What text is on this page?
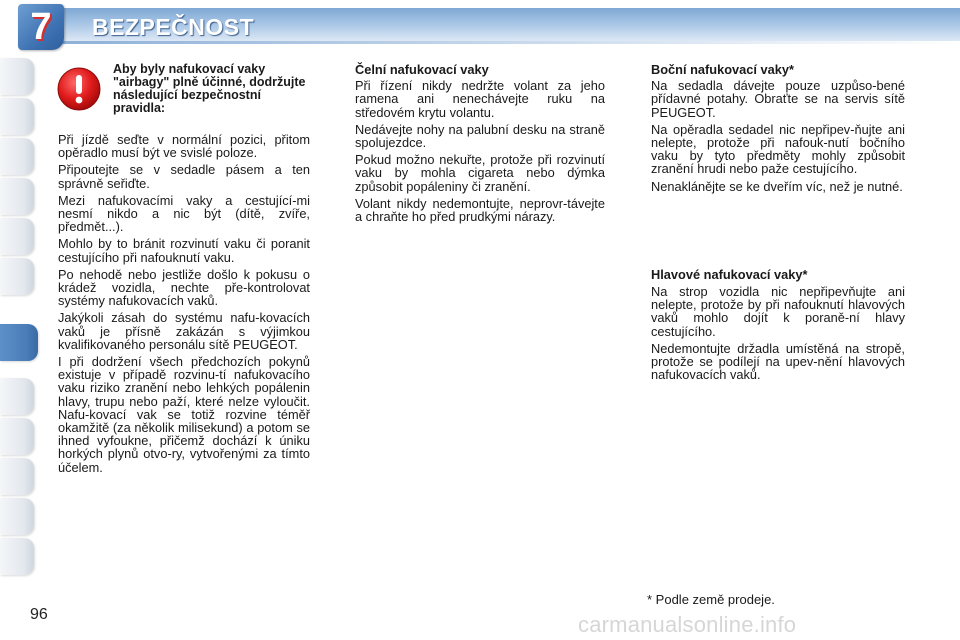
7	BEZPEČNOST
Aby byly nafukovací vaky "airbagy" plně účinné, dodržujte následující bezpečnostní pravidla:

Při jízdě seďte v normální pozici, přitom opěradlo musí být ve svislé poloze.

Připoutejte se v sedadle pásem a ten správně seřiďte.

Mezi nafukovacími vaky a cestující-mi nesmí nikdo a nic být (dítě, zvíře, předmět...).

Mohlo by to bránit rozvinutí vaku či poranit cestujícího při nafouknutí vaku.

Po nehodě nebo jestliže došlo k pokusu o krádež vozidla, nechte pře-kontrolovat systémy nafukovacích vaků.

Jakýkoli zásah do systému nafu-kovacích vaků je přísně zakázán s výjimkou kvalifikovaného personálu sítě PEUGEOT.

I při dodržení všech předchozích pokynů existuje v případě rozvinu-tí nafukovacího vaku riziko zranění nebo lehkých popálenin hlavy, trupu nebo paží, které nelze vyloučit. Nafu-kovací vak se totiž rozvine téměř okamžitě (za několik milisekund) a potom se ihned vyfoukne, přičemž dochází k úniku horkých plynů otvo-ry, vytvořenými za tímto účelem.

Čelní nafukovací vaky

Při řízení nikdy nedržte volant za jeho ramena ani nenechávejte ruku na středovém krytu volantu.

Nedávejte nohy na palubní desku na straně spolujezdce.

Pokud možno nekuřte, protože při rozvinutí vaku by mohla cigareta nebo dýmka způsobit popáleniny či zranění.

Volant nikdy nedemontujte, neprovr-távejte a chraňte ho před prudkými nárazy.

Boční nafukovací vaky*

Na sedadla dávejte pouze uzpůso-bené přídavné potahy. Obraťte se na servis sítě PEUGEOT.

Na opěradla sedadel nic nepřipev-ňujte ani nelepte, protože při nafouk-nutí bočního vaku by tyto předměty mohly způsobit zranění hrudi nebo paže cestujícího.

Nenaklánějte se ke dveřím víc, než je nutné.

Hlavové nafukovací vaky*

Na strop vozidla nic nepřipevňujte ani nelepte, protože by při nafouknutí hlavových vaků mohlo dojít k poraně-ní hlavy cestujícího.

Nedemontujte držadla umístěná na stropě, protože se podílejí na upev-nění hlavových nafukovacích vaků.

* Podle země prodeje.
96	carmanualsonline.info
